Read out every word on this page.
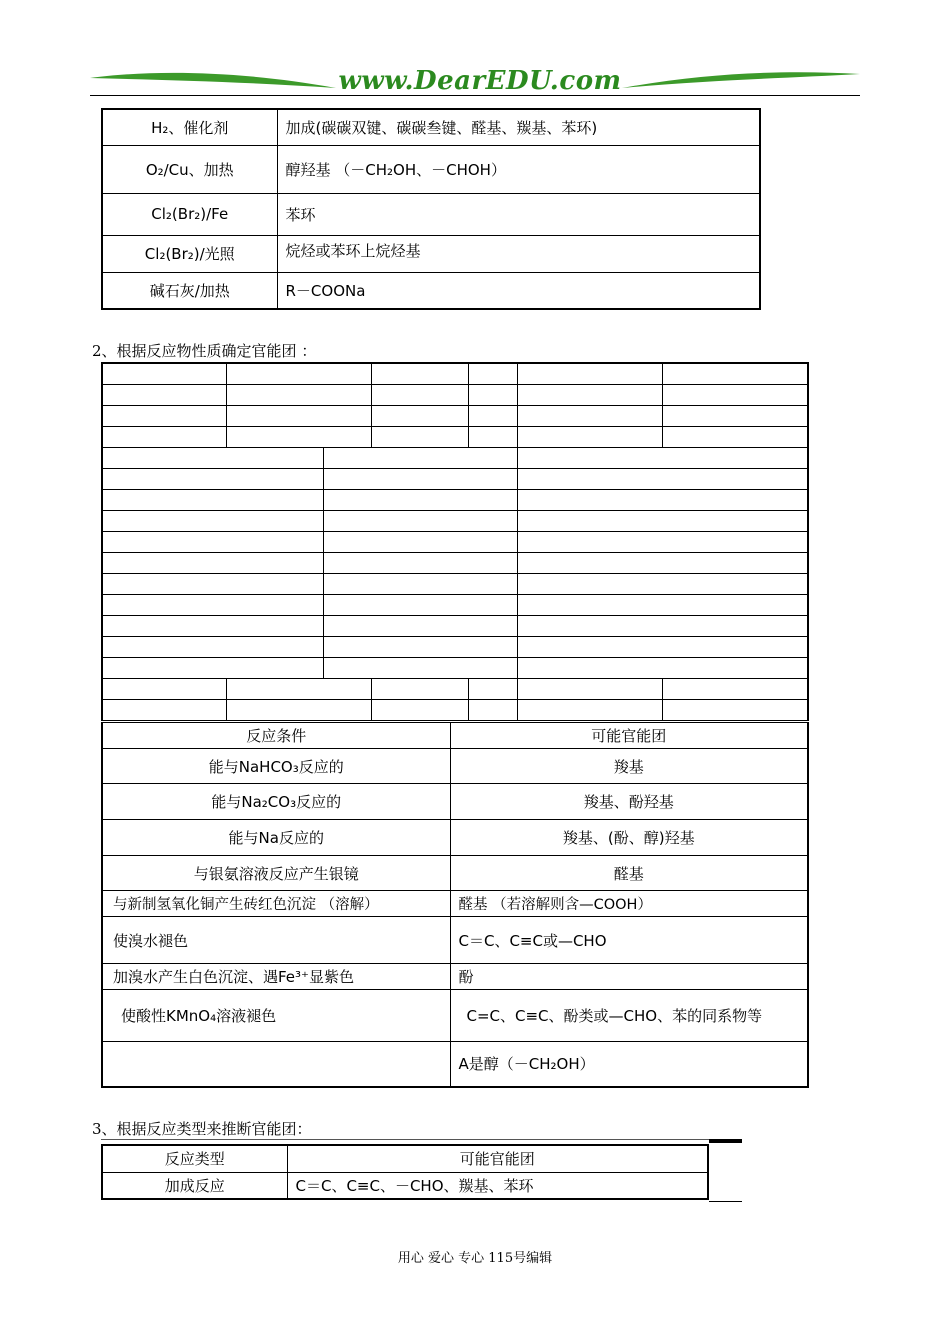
www.DearEDU.com
H₂、催化剂	加成(碳碳双键、碳碳叁键、醛基、羰基、苯环)
O₂/Cu、加热	醇羟基 （－CH₂OH、－CHOH）
Cl₂(Br₂)/Fe	苯环
Cl₂(Br₂)/光照	烷烃或苯环上烷烃基
碱石灰/加热	R－COONa
2、根据反应物性质确定官能团 ：

反应条件	可能官能团
能与NaHCO₃反应的	羧基
能与Na₂CO₃反应的	羧基、酚羟基
能与Na反应的	羧基、(酚、醇)羟基
与银氨溶液反应产生银镜	醛基
与新制氢氧化铜产生砖红色沉淀 （溶解）	醛基 （若溶解则含—COOH）
使溴水褪色	C＝C、C≡C或—CHO
加溴水产生白色沉淀、遇Fe³⁺显紫色	酚
使酸性KMnO₄溶液褪色	C=C、C≡C、酚类或—CHO、苯的同系物等
	A是醇（－CH₂OH）
3、根据反应类型来推断官能团：
反应类型	可能官能团
加成反应	C＝C、C≡C、－CHO、羰基、苯环
用心 爱心 专心 115号编辑
